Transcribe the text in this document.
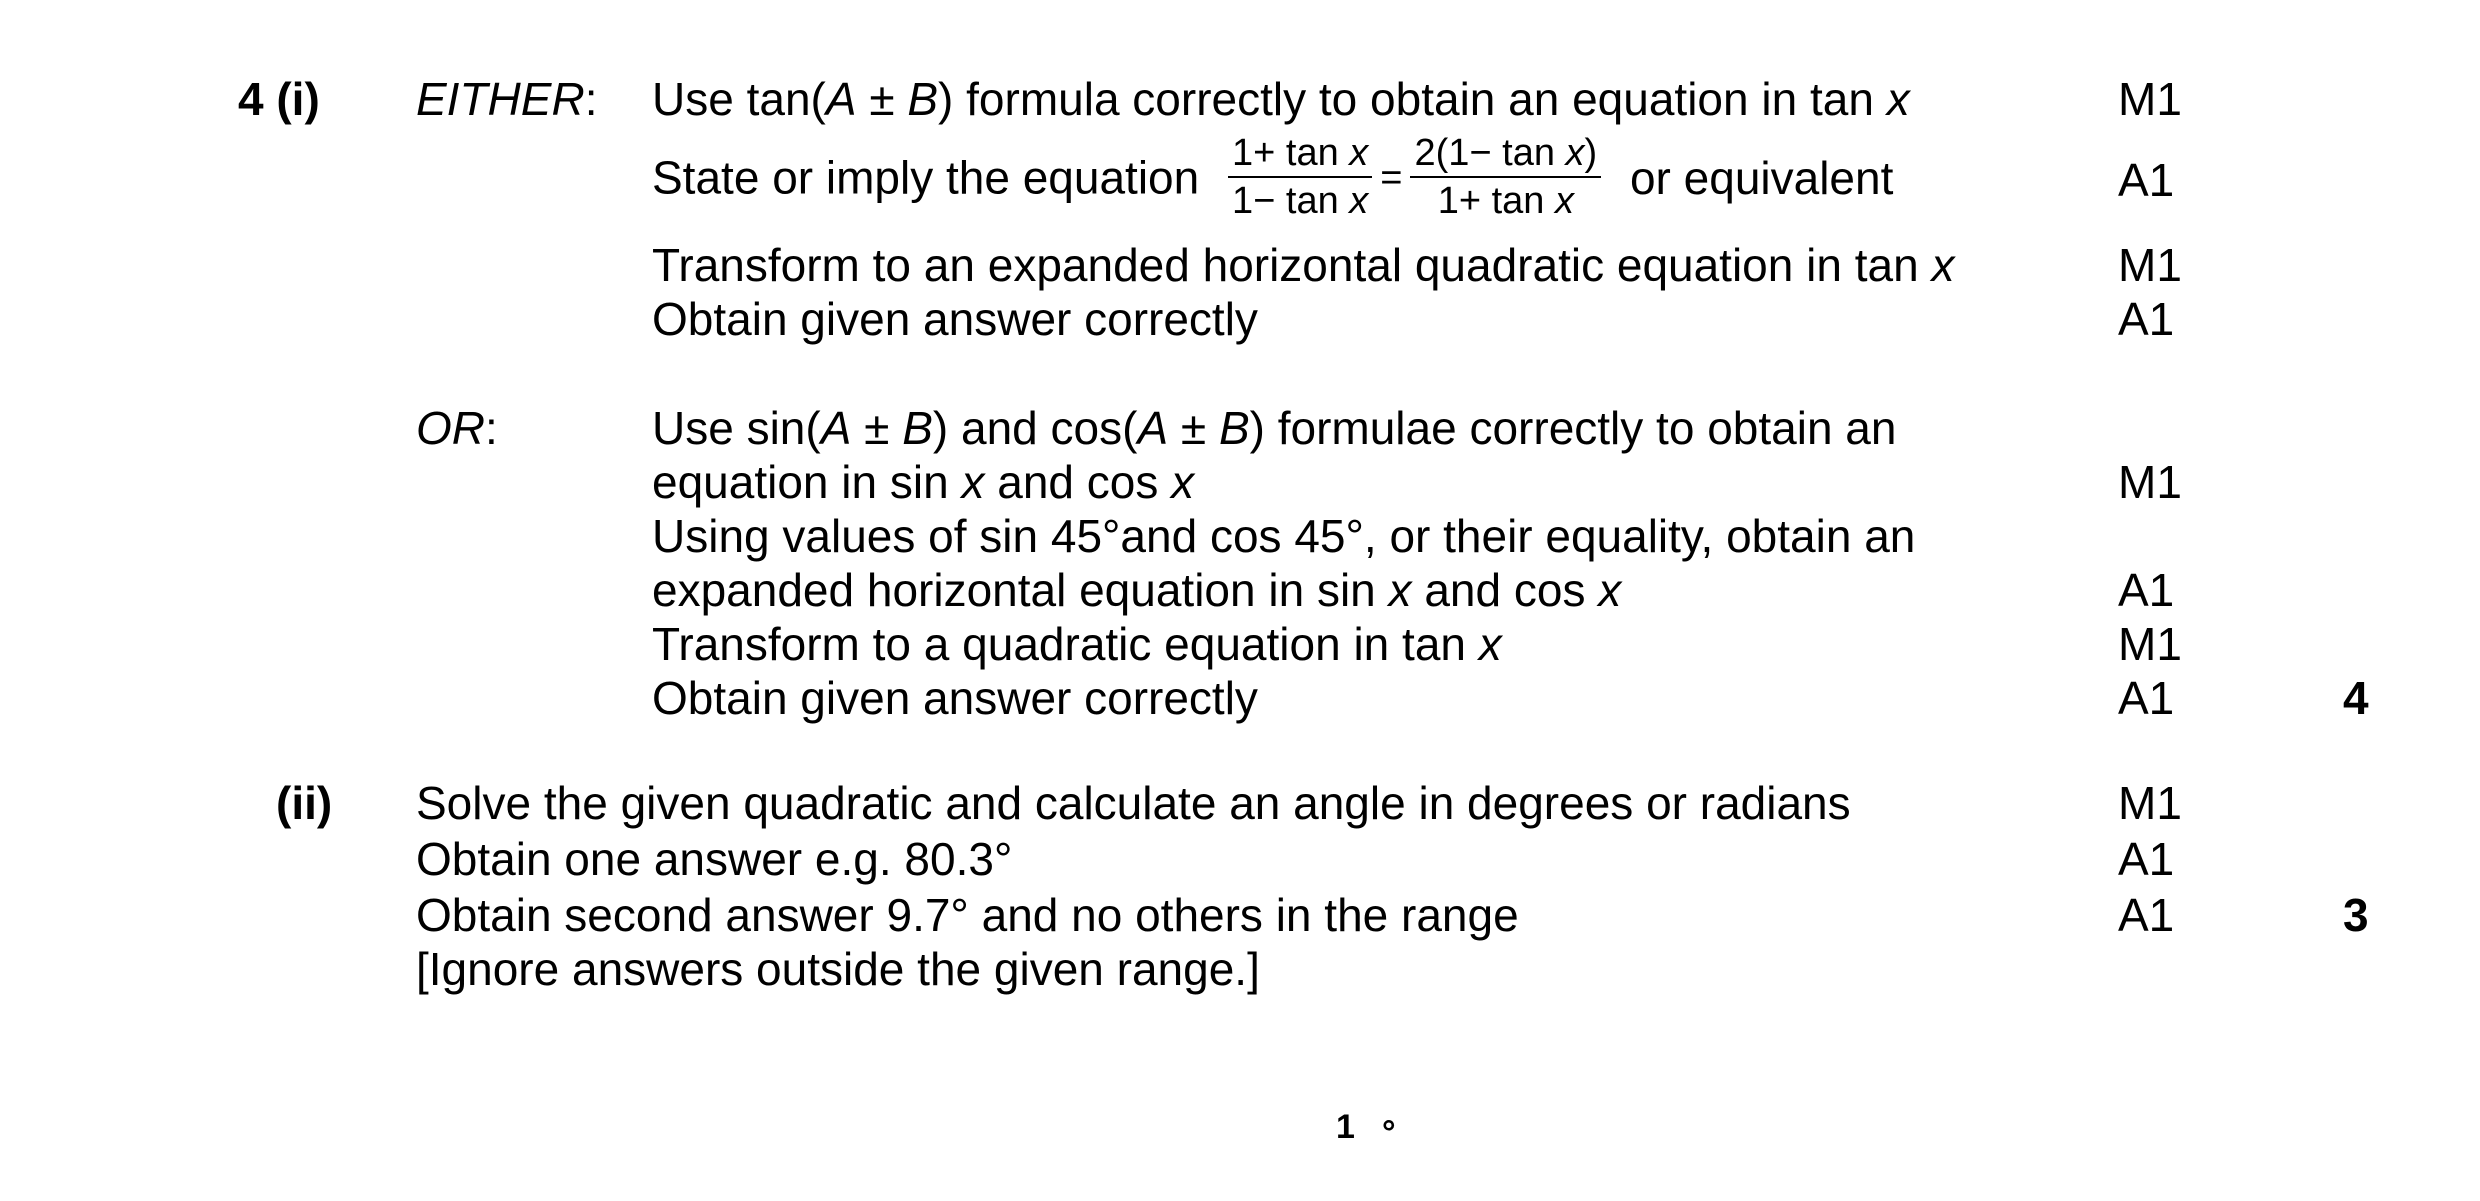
4 (i) EITHER: Use tan(A ± B) formula correctly to obtain an equation in tan x	M1
State or imply the equation $\frac{\text{1+ tan x}}{\text{1− tan x}} = \frac{\text{2(1− tan x)}}{\text{1+ tan x}}$ or equivalent	A1
Transform to an expanded horizontal quadratic equation in tan x	M1
Obtain given answer correctly	A1
OR:	Use sin(A ± B) and cos(A ± B) formulae correctly to obtain an
equation in sin x and cos x	M1
Using values of sin 45°and cos 45°, or their equality, obtain an
expanded horizontal equation in sin x and cos x	A1
Transform to a quadratic equation in tan x	M1
Obtain given answer correctly	A1	4
(ii) Solve the given quadratic and calculate an angle in degrees or radians	M1
Obtain one answer e.g. 80.3°	A1
Obtain second answer 9.7° and no others in the range	A1	3
[Ignore answers outside the given range.]
1 °
